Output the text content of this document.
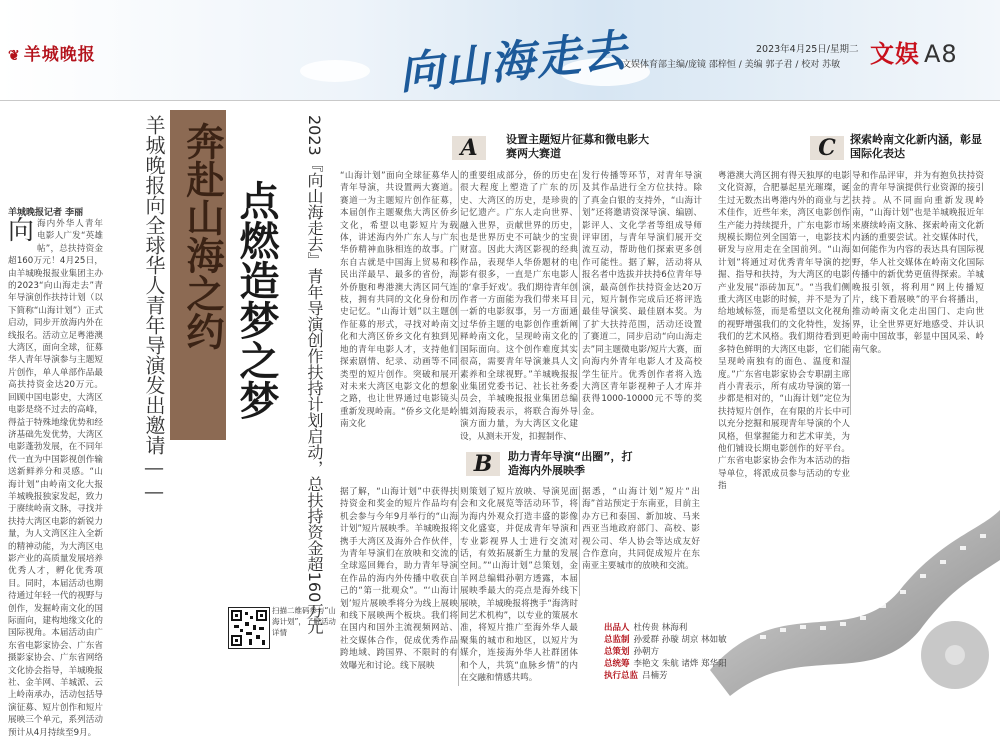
❦ 羊城晚报	向山海走去	2023年4月25日/星期二
文娱体育部主编/庞镜 邵梓恒 / 美编 郭子君 / 校对 苏敏 文娱 A8
羊城晚报向全球华人青年导演发出邀请—— 奔赴山海之约 点燃造梦之梦	2023『向山海走去』青年导演创作扶持计划启动，总扶持资金超160万元
羊城晚报记者 李丽
向海内外华人青年电影人广发“英雄帖”，总扶持资金超160万元！4月25日，由羊城晚报报业集团主办的2023“向山海走去”青年导演创作扶持计划（以下简称“山海计划”）正式启动，同步开放海内外在线报名。活动立足粤港澳大湾区，面向全球，征募华人青年导演参与主题短片创作，单人单部作品最高扶持资金达20万元。回顾中国电影史，大湾区电影是绕不过去的高峰，得益于特殊地缘优势和经济基础先发优势，大湾区电影蓬勃发展，在不同年代一直为中国影视创作输送新鲜养分和灵感。“山海计划”由岭南文化大报羊城晚报独家发起，致力于赓续岭南文脉，寻找并扶持大湾区电影的新锐力量，为人文湾区注入全新的精神动能，为大湾区电影产业的高质量发展培养优秀人才，孵化优秀项目。同时，本届活动也期待通过年轻一代的视野与创作，发掘岭南文化的国际面向，建构地缘文化的国际视角。本届活动由广东省电影家协会、广东省摄影家协会、广东省网络文化协会指导，羊城晚报社、金羊网、羊城派、云上岭南承办，活动包括导演征募、短片创作和短片展映三个单元，系列活动预计从4月持续至9月。
扫描二维码参与“山海计划”，了解活动详情
A	设置主题短片征募和微电影大赛两大赛道
“山海计划”面向全球征募华人青年导演，共设置两大赛道。赛道一为主题短片创作征募，本届创作主题聚焦大湾区侨乡文化，希望以电影短片为载体，讲述海内外广东人与广东华侨精神血脉相连的故事。广东自古就是中国海上贸易和移民出洋最早、最多的省份，海外侨胞和粤港澳大湾区同气连枝，拥有共同的文化身份和历史记忆。“山海计划”以主题创作征募的形式，寻找对岭南文化和大湾区侨乡文化有独到见地的青年电影人才，支持他们探索剧情、纪录、动画等不同类型的短片创作。突破和展开对未来大湾区电影文化的想象之路，也让世界通过电影镜头重新发现岭南。“侨乡文化是岭南文化
的重要组成部分，侨的历史在很大程度上塑造了广东的历史、大湾区的历史，是珍贵的记忆遗产。广东人走向世界、融入世界，贡献世界的历史，也是世界历史不可缺少的宝贵财富。因此大湾区影视的经典作品，表现华人华侨题材的电影有很多，一直是广东电影人的‘拿手好戏’。我们期待青年创作者一方面能为我们带来耳目一新的电影叙事，另一方面通过华侨主题的电影创作重新阐释岭南文化，呈现岭南文化的国际面向。这个创作难度其实很高，需要青年导演兼具人文素养和全球视野。”羊城晚报报业集团党委书记、社长社务委员会，羊城晚报报业集团总编辑刘海陵表示，将联合海外导演方面力量，为大湾区文化建设，从测未开发，扣握制作、
发行传播等环节，对青年导演及其作品进行全方位扶持。除了真金白银的支持外，“山海计划”还将邀请资深导演、编剧、影评人、文化学者等组成导师评审团，与青年导演们展开交流互动，帮助他们探索更多创作可能性。据了解，活动将从报名者中选拔并扶持6位青年导演，最高创作扶持资金达20万元，短片制作完成后还将评选最佳导演奖、最佳剧本奖。为了扩大扶持范围，活动还设置了赛道二，同步启动“向山海走去”同主题微电影/短片大赛，面向海内外青年电影人才及高校学生征片。优秀创作者将入选大湾区青年影视种子人才库并获得1000-10000元不等的奖金。
B	助力青年导演“出圈”，打造海内外展映季
据了解，“山海计划”中获得扶持资金和奖金的短片作品均有机会参与今年9月举行的“山海计划”短片展映季。羊城晚报将携手大湾区及海外合作伙伴，为青年导演们在放映和交流的全球巡回舞台，助力青年导演在作品的海内外传播中收获自己的“第一批观众”。“‘山海计划’短片展映季将分为线上展映和线下展映两个板块。我们将在国内和国外主流视频网站、社交媒体合作，促成优秀作品跨地域、跨国界、不限时的有效曝光和讨论。线下展映
则策划了短片放映、导演见面会和文化展览等活动环节，将为海内外观众打造丰盛的影像文化盛宴，并促成青年导演和专业影视界人士进行交流对话，有效拓展新生力量的发展空间。”“山海计划”总策划，金羊网总编辑孙朝方透露，本届展映季最大的亮点是海外线下展映，羊城晚报将携手“海湾时间艺术机构”，以专业的策展水准，将短片推广至海外华人最聚集的城市和地区，以短片为媒介，连接海外华人社群团体和个人，共筑“血脉乡情”的内在交融和情感共鸣。
据悉，“山海计划”短片“出海”首站预定于东南亚，目前主办方已和泰国、新加坡、马来西亚当地政府部门、高校、影视公司、华人协会等达成友好合作意向，共同促成短片在东南亚主要城市的放映和交流。
C	探索岭南文化新内涵，彰显国际化表达
粤港澳大湾区拥有得天独厚的电影文化资源，合肥暴起星光璀璨，诞生过无数杰出粤港内外的商业与艺术佳作，近些年来，湾区电影创作生产能力持续提升，广东电影市场规模长期位列全国第一，电影技术研发与应用走在全国前列。“山海计划”将通过对优秀青年导演的挖掘、指导和扶持，为大湾区的电影产业发展“添砖加瓦”。“当我们侧重大湾区电影的时候，并不是为了给地域标签，而是希望以文化视角的视野增强我们的文化特性，发扬我们的艺术风格。我们期待看到更多特色鲜明的大湾区电影，它们能呈现岭南独有的面色、温度和湿度。”广东省电影家协会专职副主席肖小青表示，所有成功导演的第一步都是相对的，“山海计划”定位为扶持短片创作，在有限的片长中可以充分挖掘和展现青年导演的个人风格，但掌握能力和艺术审美，为他们铺设长期电影创作的好平台。广东省电影家协会作为本活动的指导单位，将派成员参与活动的专业指
导和作品评审，并为有抱负扶持资金的青年导演提供行业资源的接引扶持。从不同面向重新发现岭南，“山海计划”也是羊城晚报近年来赓续岭南文脉、探索岭南文化新内涵的重要尝试。社交媒体时代，如何能作为内容的表达具有国际视野，华人社交媒体在岭南文化国际传播中的新优势更值得探索。羊城晚报引领，将利用“网上传播短片，线下看展映”的平台将播出，推动岭南文化走出国门、走向世界，让全世界更好地感受、并认识岭南中国故事，彰显中国风采、岭南气象。
出品人 杜传贵 林海利
总监制 孙爱群 孙璇 胡京 林如敏
总策划 孙朝方
总统筹 李艳文 朱航 诸烨 郑华阳
执行总监 吕楠芳
